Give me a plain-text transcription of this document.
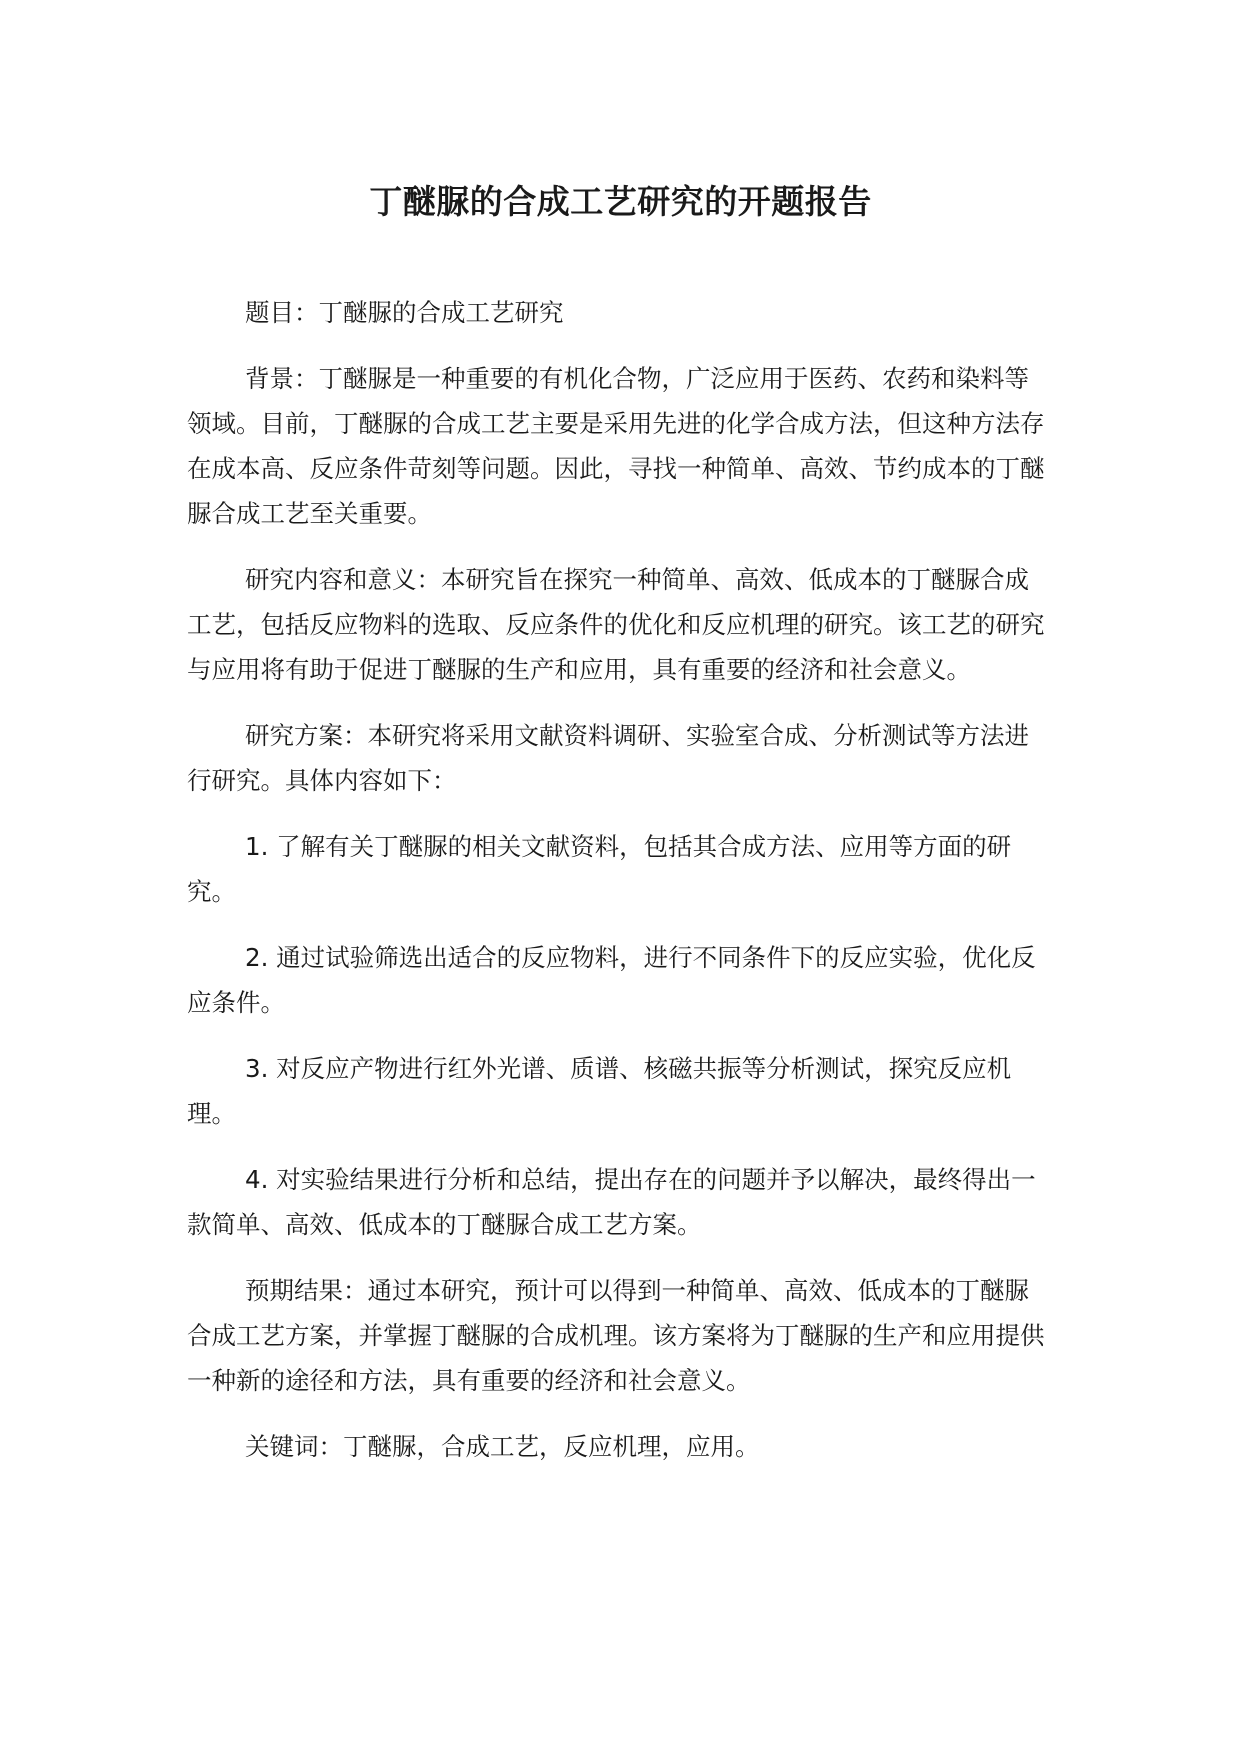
丁醚脲的合成工艺研究的开题报告

题目：丁醚脲的合成工艺研究

背景：丁醚脲是一种重要的有机化合物，广泛应用于医药、农药和染料等领域。目前，丁醚脲的合成工艺主要是采用先进的化学合成方法，但这种方法存在成本高、反应条件苛刻等问题。因此，寻找一种简单、高效、节约成本的丁醚脲合成工艺至关重要。

研究内容和意义：本研究旨在探究一种简单、高效、低成本的丁醚脲合成工艺，包括反应物料的选取、反应条件的优化和反应机理的研究。该工艺的研究与应用将有助于促进丁醚脲的生产和应用，具有重要的经济和社会意义。

研究方案：本研究将采用文献资料调研、实验室合成、分析测试等方法进行研究。具体内容如下：

1. 了解有关丁醚脲的相关文献资料，包括其合成方法、应用等方面的研究。

2. 通过试验筛选出适合的反应物料，进行不同条件下的反应实验，优化反应条件。

3. 对反应产物进行红外光谱、质谱、核磁共振等分析测试，探究反应机理。

4. 对实验结果进行分析和总结，提出存在的问题并予以解决，最终得出一款简单、高效、低成本的丁醚脲合成工艺方案。

预期结果：通过本研究，预计可以得到一种简单、高效、低成本的丁醚脲合成工艺方案，并掌握丁醚脲的合成机理。该方案将为丁醚脲的生产和应用提供一种新的途径和方法，具有重要的经济和社会意义。

关键词：丁醚脲，合成工艺，反应机理，应用。
